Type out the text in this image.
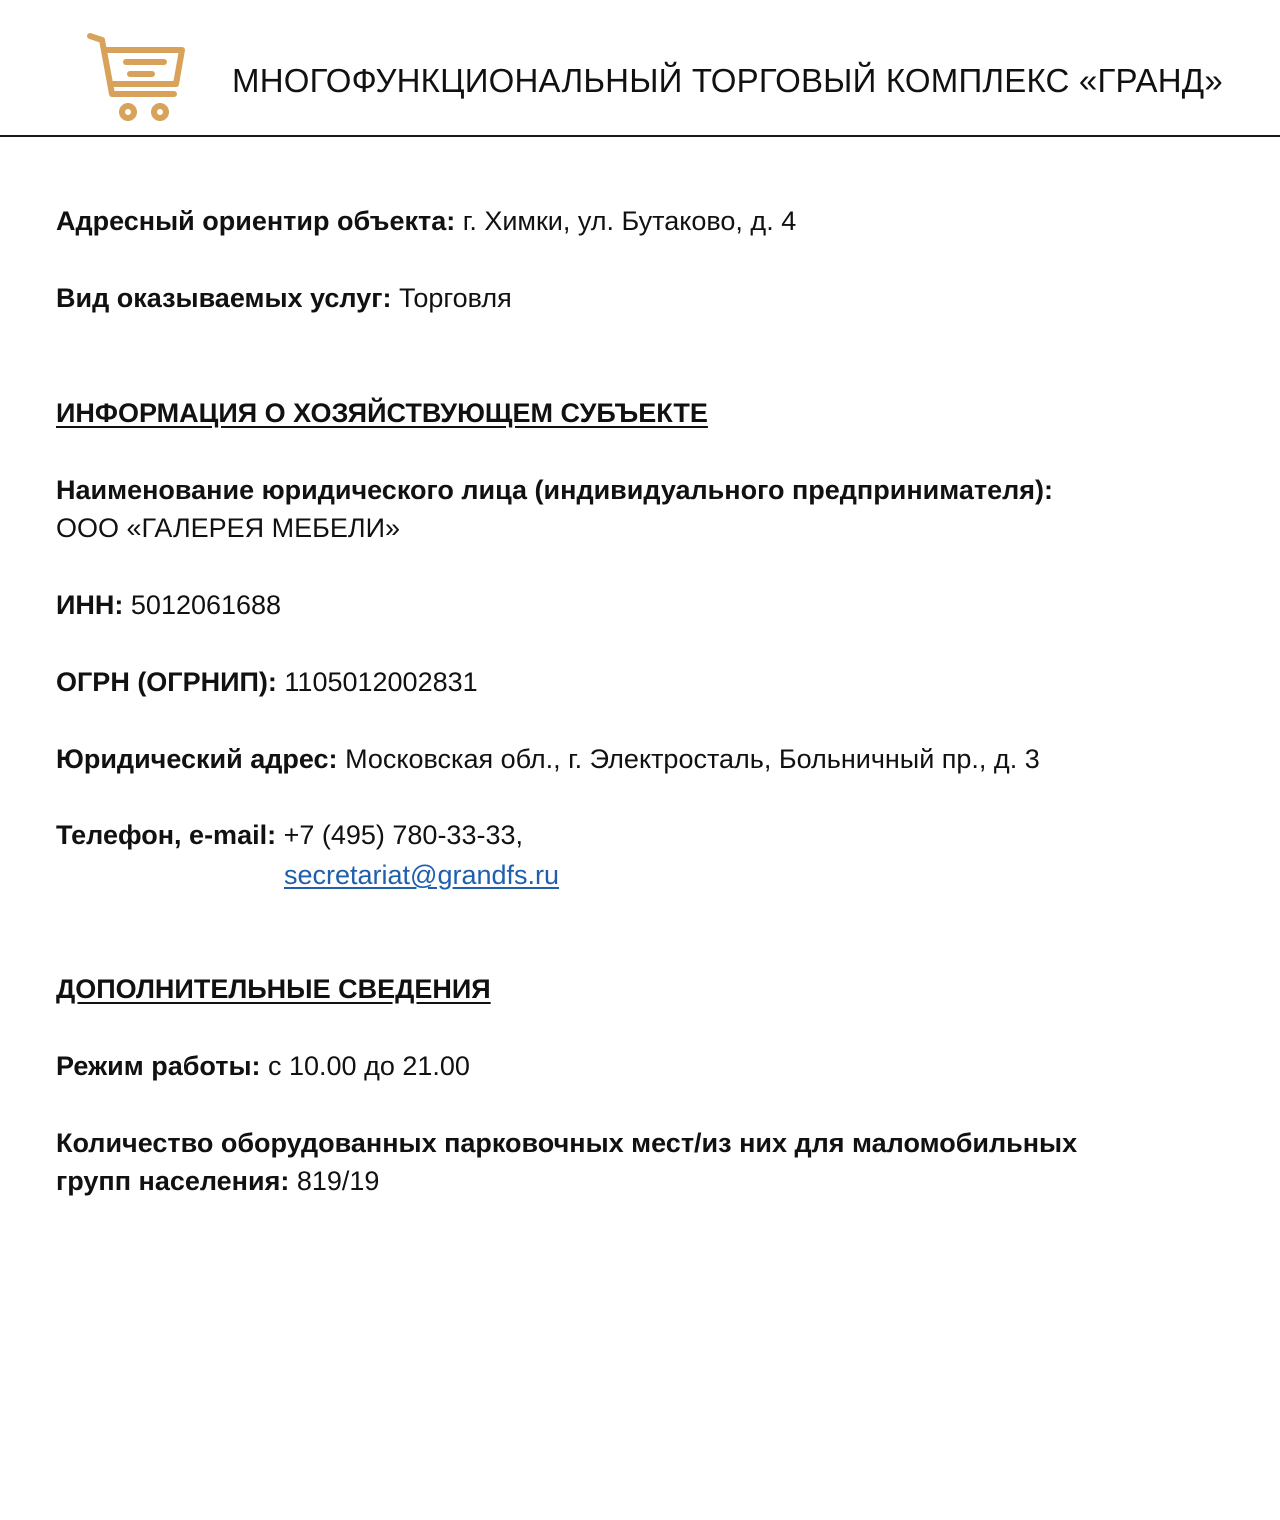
МНОГОФУНКЦИОНАЛЬНЫЙ ТОРГОВЫЙ КОМПЛЕКС «ГРАНД»
Адресный ориентир объекта: г. Химки, ул. Бутаково, д. 4
Вид оказываемых услуг: Торговля
ИНФОРМАЦИЯ О ХОЗЯЙСТВУЮЩЕМ СУБЪЕКТЕ
Наименование юридического лица (индивидуального предпринимателя):
ООО «ГАЛЕРЕЯ МЕБЕЛИ»
ИНН: 5012061688
ОГРН (ОГРНИП): 1105012002831
Юридический адрес: Московская обл., г. Электросталь, Больничный пр., д. 3
Телефон, e-mail: +7 (495) 780-33-33,
secretariat@grandfs.ru
ДОПОЛНИТЕЛЬНЫЕ СВЕДЕНИЯ
Режим работы: с 10.00 до 21.00
Количество оборудованных парковочных мест/из них для маломобильных
групп населения: 819/19
